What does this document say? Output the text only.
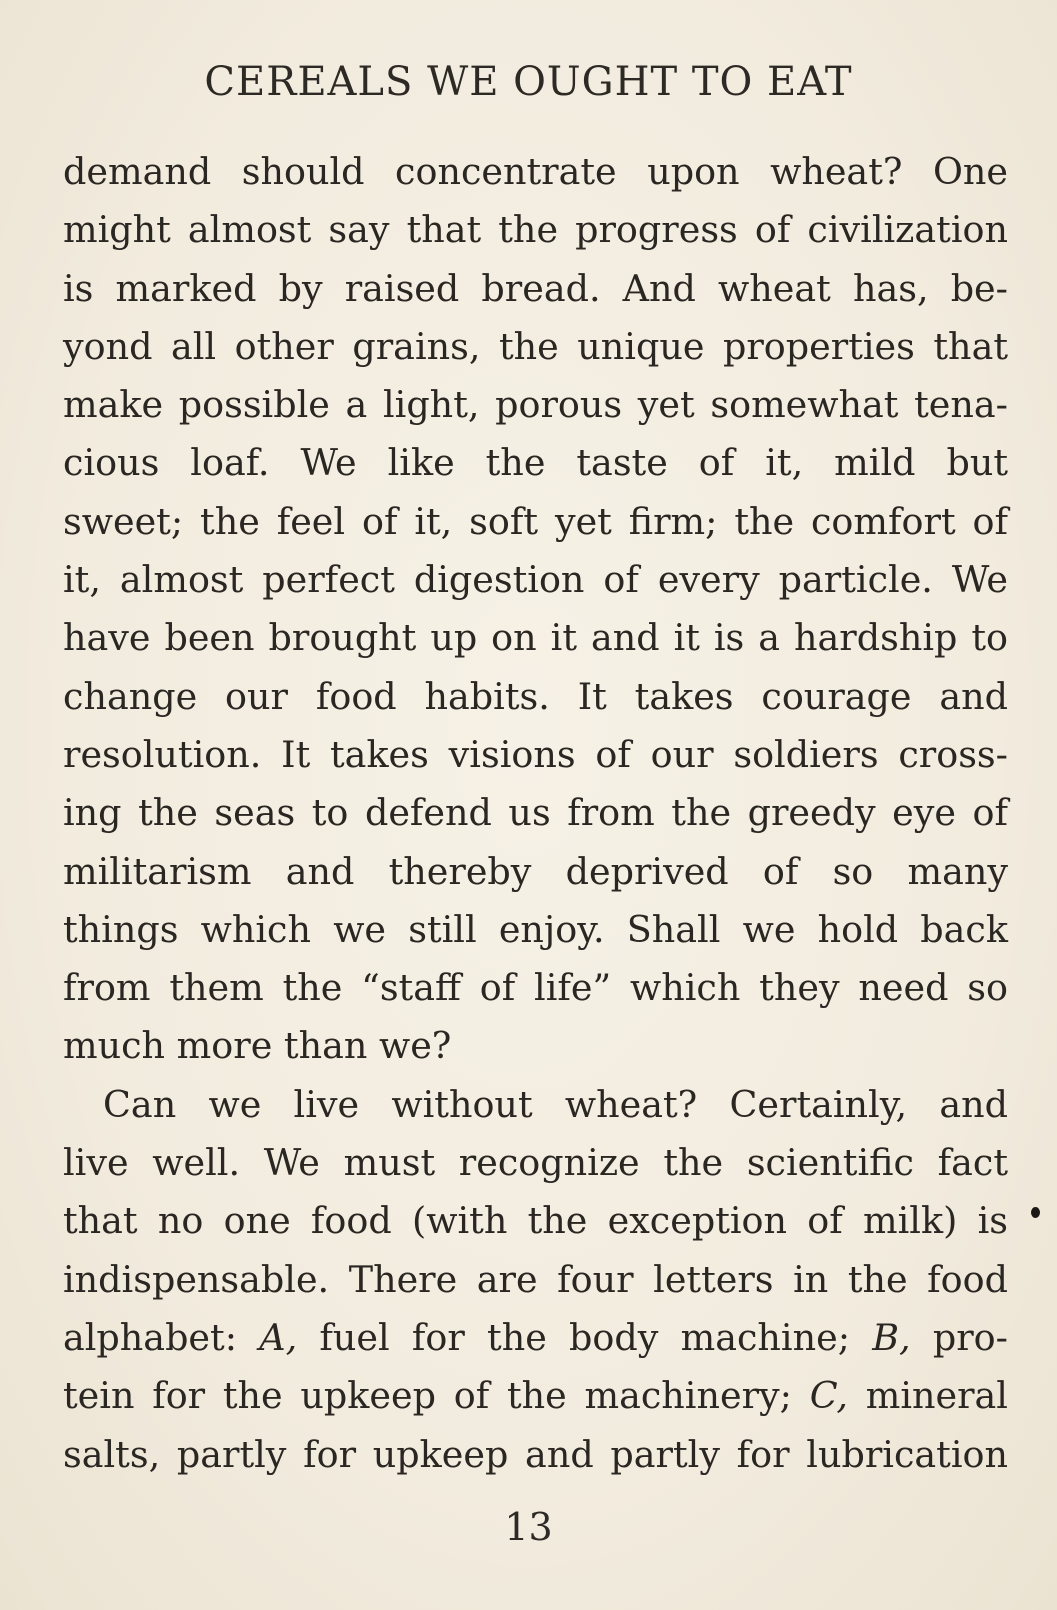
CEREALS WE OUGHT TO EAT
demand should concentrate upon wheat? One
might almost say that the progress of civilization
is marked by raised bread. And wheat has, be-
yond all other grains, the unique properties that
make possible a light, porous yet somewhat tena-
cious loaf. We like the taste of it, mild but
sweet; the feel of it, soft yet firm; the comfort of
it, almost perfect digestion of every particle. We
have been brought up on it and it is a hardship to
change our food habits. It takes courage and
resolution. It takes visions of our soldiers cross-
ing the seas to defend us from the greedy eye of
militarism and thereby deprived of so many
things which we still enjoy. Shall we hold back
from them the “staff of life” which they need so
much more than we?
Can we live without wheat? Certainly, and
live well. We must recognize the scientific fact
that no one food (with the exception of milk) is
indispensable. There are four letters in the food
alphabet: A, fuel for the body machine; B, pro-
tein for the upkeep of the machinery; C, mineral
salts, partly for upkeep and partly for lubrication
13
